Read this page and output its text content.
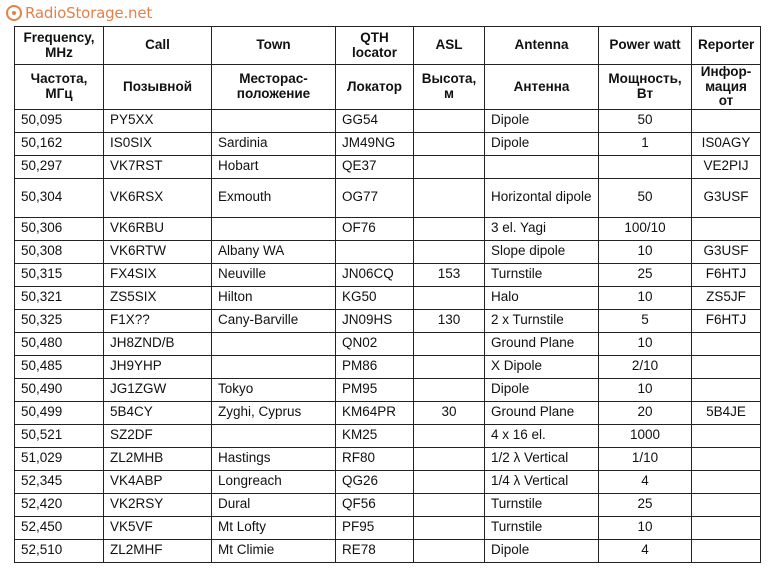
RadioStorage.net
Frequency, MHz	Call	Town	QTH locator	ASL	Antenna	Power watt	Reporter
Частота, МГц	Позывной	Месторас-положение	Локатор	Высота, м	Антенна	Мощность, Вт	Инфор-мация от
50,095	PY5XX		GG54		Dipole	50	
50,162	IS0SIX	Sardinia	JM49NG		Dipole	1	IS0AGY
50,297	VK7RST	Hobart	QE37				VE2PIJ
50,304	VK6RSX	Exmouth	OG77		Horizontal dipole	50	G3USF
50,306	VK6RBU		OF76		3 el. Yagi	100/10	
50,308	VK6RTW	Albany WA			Slope dipole	10	G3USF
50,315	FX4SIX	Neuville	JN06CQ	153	Turnstile	25	F6HTJ
50,321	ZS5SIX	Hilton	KG50		Halo	10	ZS5JF
50,325	F1X??	Cany-Barville	JN09HS	130	2 x Turnstile	5	F6HTJ
50,480	JH8ZND/B		QN02		Ground Plane	10	
50,485	JH9YHP		PM86		X Dipole	2/10	
50,490	JG1ZGW	Tokyo	PM95		Dipole	10	
50,499	5B4CY	Zyghi, Cyprus	KM64PR	30	Ground Plane	20	5B4JE
50,521	SZ2DF		KM25		4 x 16 el.	1000	
51,029	ZL2MHB	Hastings	RF80		1/2 λ Vertical	1/10	
52,345	VK4ABP	Longreach	QG26		1/4 λ Vertical	4	
52,420	VK2RSY	Dural	QF56		Turnstile	25	
52,450	VK5VF	Mt Lofty	PF95		Turnstile	10	
52,510	ZL2MHF	Mt Climie	RE78		Dipole	4	
